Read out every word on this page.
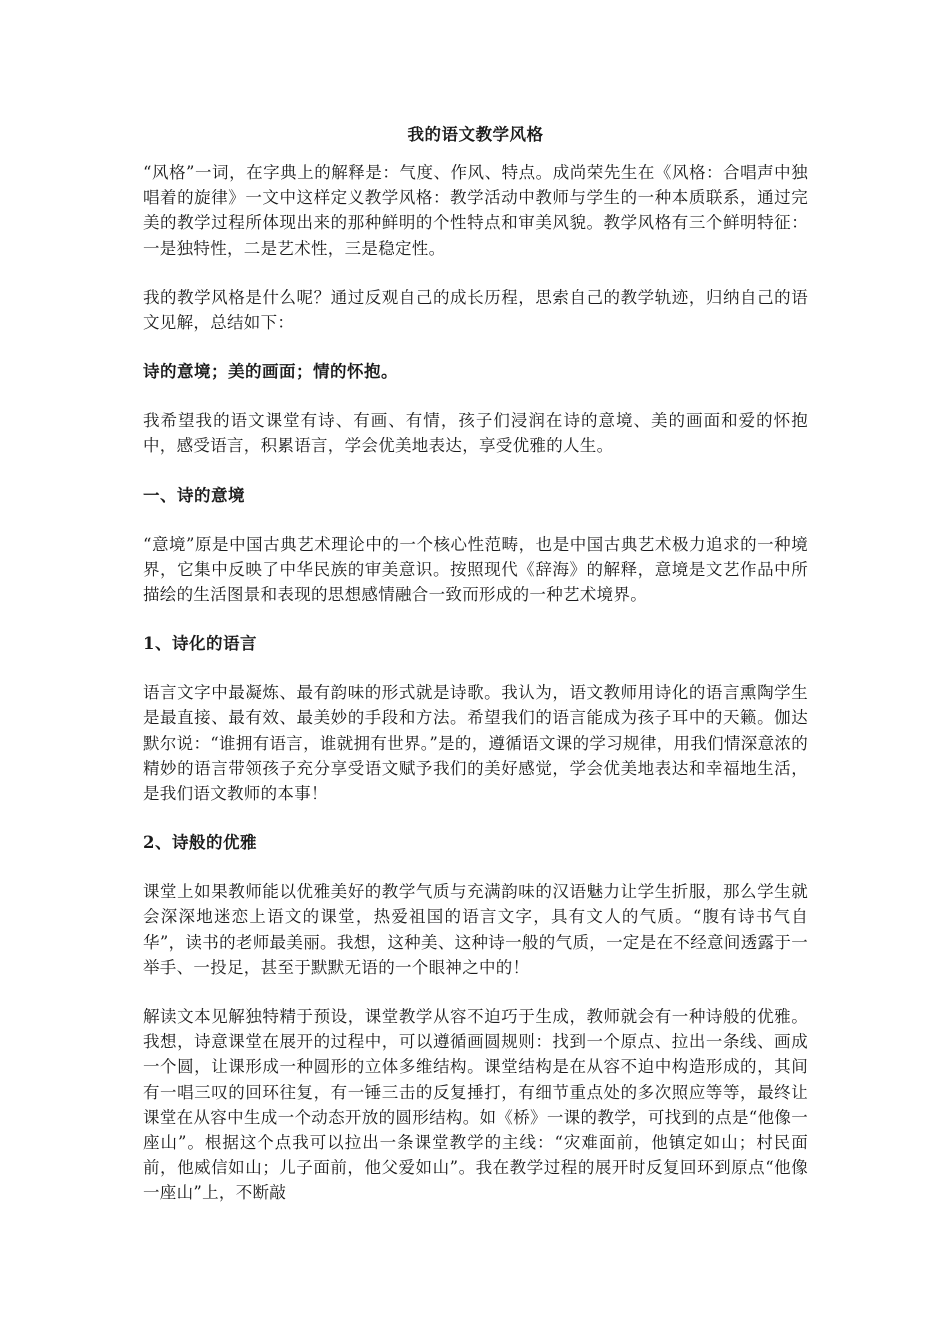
我的语文教学风格

“风格”一词，在字典上的解释是：气度、作风、特点。成尚荣先生在《风格：合唱声中独唱着的旋律》一文中这样定义教学风格：教学活动中教师与学生的一种本质联系，通过完美的教学过程所体现出来的那种鲜明的个性特点和审美风貌。教学风格有三个鲜明特征：一是独特性，二是艺术性，三是稳定性。

我的教学风格是什么呢？通过反观自己的成长历程，思索自己的教学轨迹，归纳自己的语文见解，总结如下：

诗的意境；美的画面；情的怀抱。

我希望我的语文课堂有诗、有画、有情，孩子们浸润在诗的意境、美的画面和爱的怀抱中，感受语言，积累语言，学会优美地表达，享受优雅的人生。

一、诗的意境

“意境”原是中国古典艺术理论中的一个核心性范畴，也是中国古典艺术极力追求的一种境界，它集中反映了中华民族的审美意识。按照现代《辞海》的解释，意境是文艺作品中所描绘的生活图景和表现的思想感情融合一致而形成的一种艺术境界。

1、诗化的语言

语言文字中最凝炼、最有韵味的形式就是诗歌。我认为，语文教师用诗化的语言熏陶学生是最直接、最有效、最美妙的手段和方法。希望我们的语言能成为孩子耳中的天籁。伽达默尔说：“谁拥有语言，谁就拥有世界。”是的，遵循语文课的学习规律，用我们情深意浓的精妙的语言带领孩子充分享受语文赋予我们的美好感觉，学会优美地表达和幸福地生活，是我们语文教师的本事！

2、诗般的优雅

课堂上如果教师能以优雅美好的教学气质与充满韵味的汉语魅力让学生折服，那么学生就会深深地迷恋上语文的课堂，热爱祖国的语言文字，具有文人的气质。“腹有诗书气自华”，读书的老师最美丽。我想，这种美、这种诗一般的气质，一定是在不经意间透露于一举手、一投足，甚至于默默无语的一个眼神之中的！

解读文本见解独特精于预设，课堂教学从容不迫巧于生成，教师就会有一种诗般的优雅。我想，诗意课堂在展开的过程中，可以遵循画圆规则：找到一个原点、拉出一条线、画成一个圆，让课形成一种圆形的立体多维结构。课堂结构是在从容不迫中构造形成的，其间有一唱三叹的回环往复，有一锤三击的反复捶打，有细节重点处的多次照应等等，最终让课堂在从容中生成一个动态开放的圆形结构。如《桥》一课的教学，可找到的点是“他像一座山”。根据这个点我可以拉出一条课堂教学的主线：“灾难面前，他镇定如山；村民面前，他威信如山；儿子面前，他父爱如山”。我在教学过程的展开时反复回环到原点“他像一座山”上，不断敲
